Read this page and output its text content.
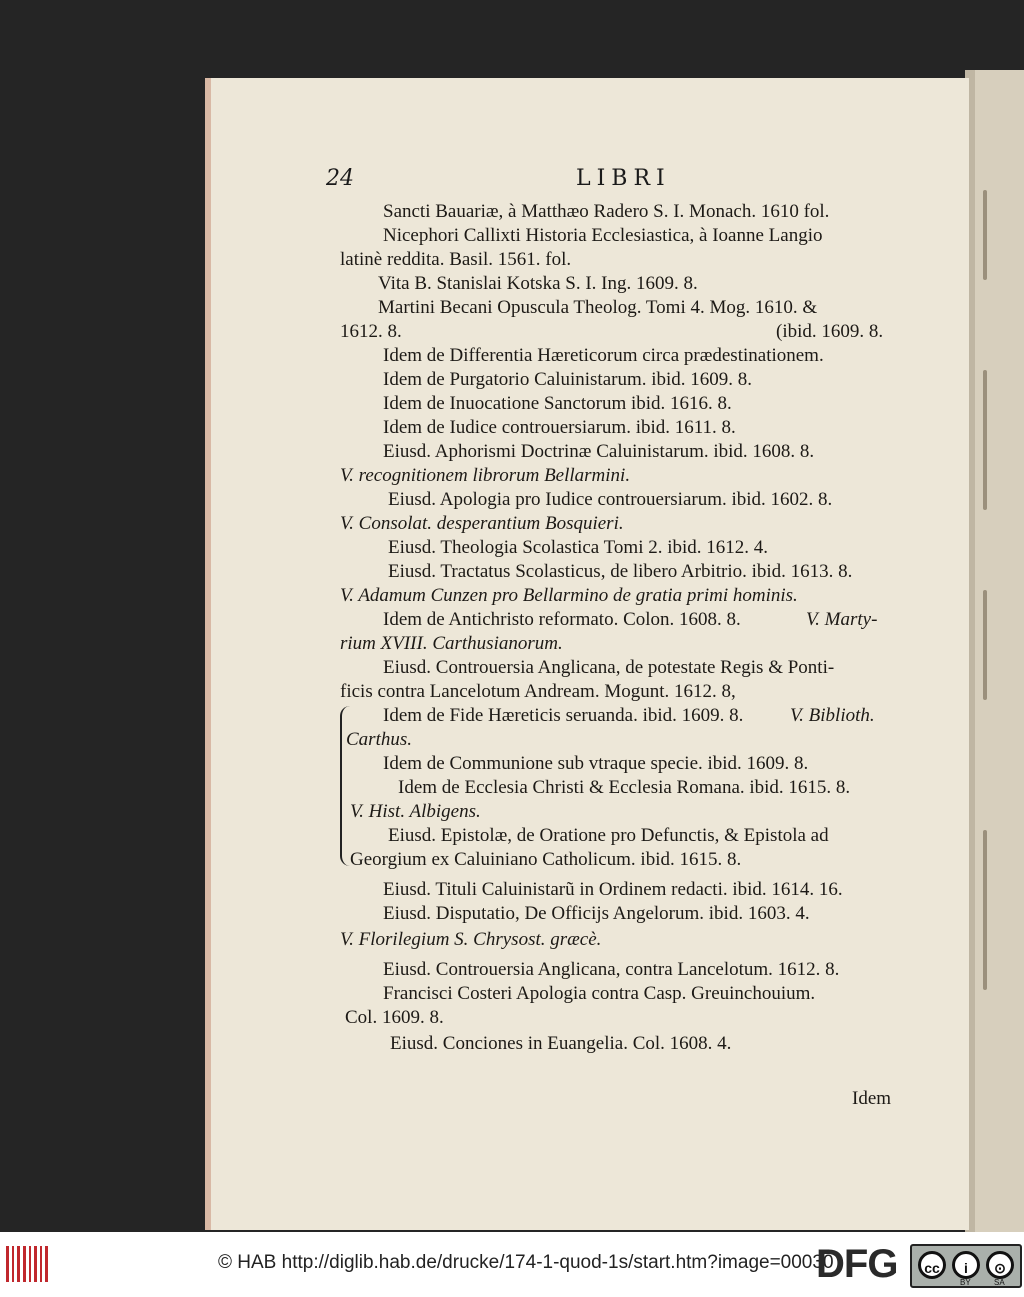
24	LIBRI
Sancti Bauariæ, à Matthæo Radero S. I. Monach. 1610 fol.
Nicephori Callixti Historia Ecclesiastica, à Ioanne Langio
latinè reddita. Basil. 1561. fol.
Vita B. Stanislai Kotska S. I. Ing. 1609. 8.
Martini Becani Opuscula Theolog. Tomi 4. Mog. 1610. &
1612. 8.	(ibid. 1609. 8.
Idem de Differentia Hæreticorum circa prædestinationem.
Idem de Purgatorio Caluinistarum. ibid. 1609. 8.
Idem de Inuocatione Sanctorum ibid. 1616. 8.
Idem de Iudice controuersiarum. ibid. 1611. 8.
Eiusd. Aphorismi Doctrinæ Caluinistarum. ibid. 1608. 8.
V. recognitionem librorum Bellarmini.
Eiusd. Apologia pro Iudice controuersiarum. ibid. 1602. 8.
V. Consolat. desperantium Bosquieri.
Eiusd. Theologia Scolastica Tomi 2. ibid. 1612. 4.
Eiusd. Tractatus Scolasticus, de libero Arbitrio. ibid. 1613. 8.
V. Adamum Cunzen pro Bellarmino de gratia primi hominis.
Idem de Antichristo reformato. Colon. 1608. 8.	V. Marty-
rium XVIII. Carthusianorum.
Eiusd. Controuersia Anglicana, de potestate Regis & Ponti-
ficis contra Lancelotum Andream. Mogunt. 1612. 8,
Idem de Fide Hæreticis seruanda. ibid. 1609. 8. V. Biblioth.
Carthus.
Idem de Communione sub vtraque specie. ibid. 1609. 8.
Idem de Ecclesia Christi & Ecclesia Romana. ibid. 1615. 8.
V. Hist. Albigens.
Eiusd. Epistolæ, de Oratione pro Defunctis, & Epistola ad
Georgium ex Caluiniano Catholicum. ibid. 1615. 8.
Eiusd. Tituli Caluinistarũ in Ordinem redacti. ibid. 1614. 16.
Eiusd. Disputatio, De Officijs Angelorum. ibid. 1603. 4.
V. Florilegium S. Chrysost. græcè.
Eiusd. Controuersia Anglicana, contra Lancelotum. 1612. 8.
Francisci Costeri Apologia contra Casp. Greuinchouium.
Col. 1609. 8.
Eiusd. Conciones in Euangelia. Col. 1608. 4.
Idem
© HAB http://diglib.hab.de/drucke/174-1-quod-1s/start.htm?image=00030
DFG	cc	i	⊙
BY	SA
